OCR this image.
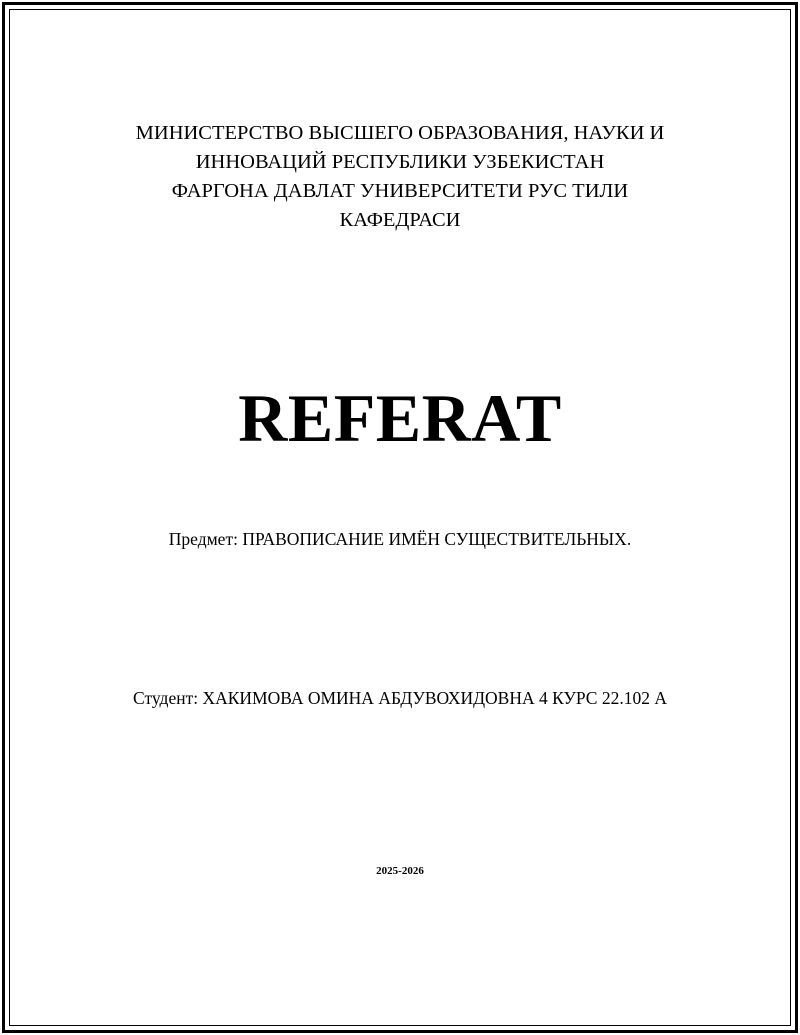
МИНИСТЕРСТВО ВЫСШЕГО ОБРАЗОВАНИЯ, НАУКИ И
ИННОВАЦИЙ РЕСПУБЛИКИ УЗБЕКИСТАН
ФАРГОНА ДАВЛАТ УНИВЕРСИТЕТИ РУС ТИЛИ
КАФЕДРАСИ
REFERAT
Предмет: ПРАВОПИСАНИЕ ИМЁН СУЩЕСТВИТЕЛЬНЫХ.
Студент: ХАКИМОВА ОМИНА АБДУВОХИДОВНА 4 КУРС 22.102 А
2025-2026
